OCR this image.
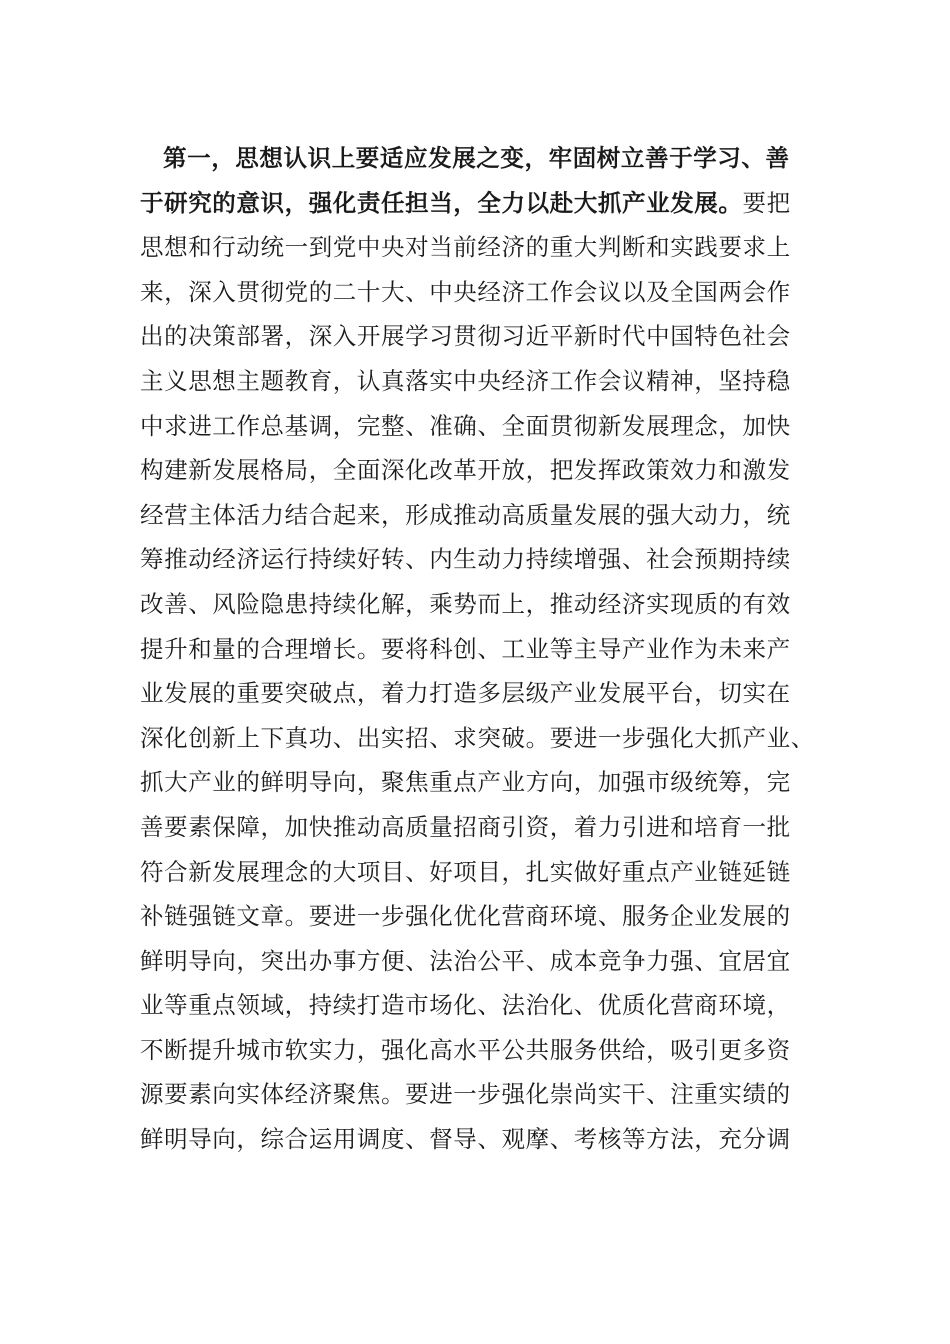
第一，思想认识上要适应发展之变，牢固树立善于学习、善
于研究的意识，强化责任担当，全力以赴大抓产业发展。要把
思想和行动统一到党中央对当前经济的重大判断和实践要求上
来，深入贯彻党的二十大、中央经济工作会议以及全国两会作
出的决策部署，深入开展学习贯彻习近平新时代中国特色社会
主义思想主题教育，认真落实中央经济工作会议精神，坚持稳
中求进工作总基调，完整、准确、全面贯彻新发展理念，加快
构建新发展格局，全面深化改革开放，把发挥政策效力和激发
经营主体活力结合起来，形成推动高质量发展的强大动力，统
筹推动经济运行持续好转、内生动力持续增强、社会预期持续
改善、风险隐患持续化解，乘势而上，推动经济实现质的有效
提升和量的合理增长。要将科创、工业等主导产业作为未来产
业发展的重要突破点，着力打造多层级产业发展平台，切实在
深化创新上下真功、出实招、求突破。要进一步强化大抓产业、
抓大产业的鲜明导向，聚焦重点产业方向，加强市级统筹，完
善要素保障，加快推动高质量招商引资，着力引进和培育一批
符合新发展理念的大项目、好项目，扎实做好重点产业链延链
补链强链文章。要进一步强化优化营商环境、服务企业发展的
鲜明导向，突出办事方便、法治公平、成本竞争力强、宜居宜
业等重点领域，持续打造市场化、法治化、优质化营商环境，
不断提升城市软实力，强化高水平公共服务供给，吸引更多资
源要素向实体经济聚焦。要进一步强化崇尚实干、注重实绩的
鲜明导向，综合运用调度、督导、观摩、考核等方法，充分调
